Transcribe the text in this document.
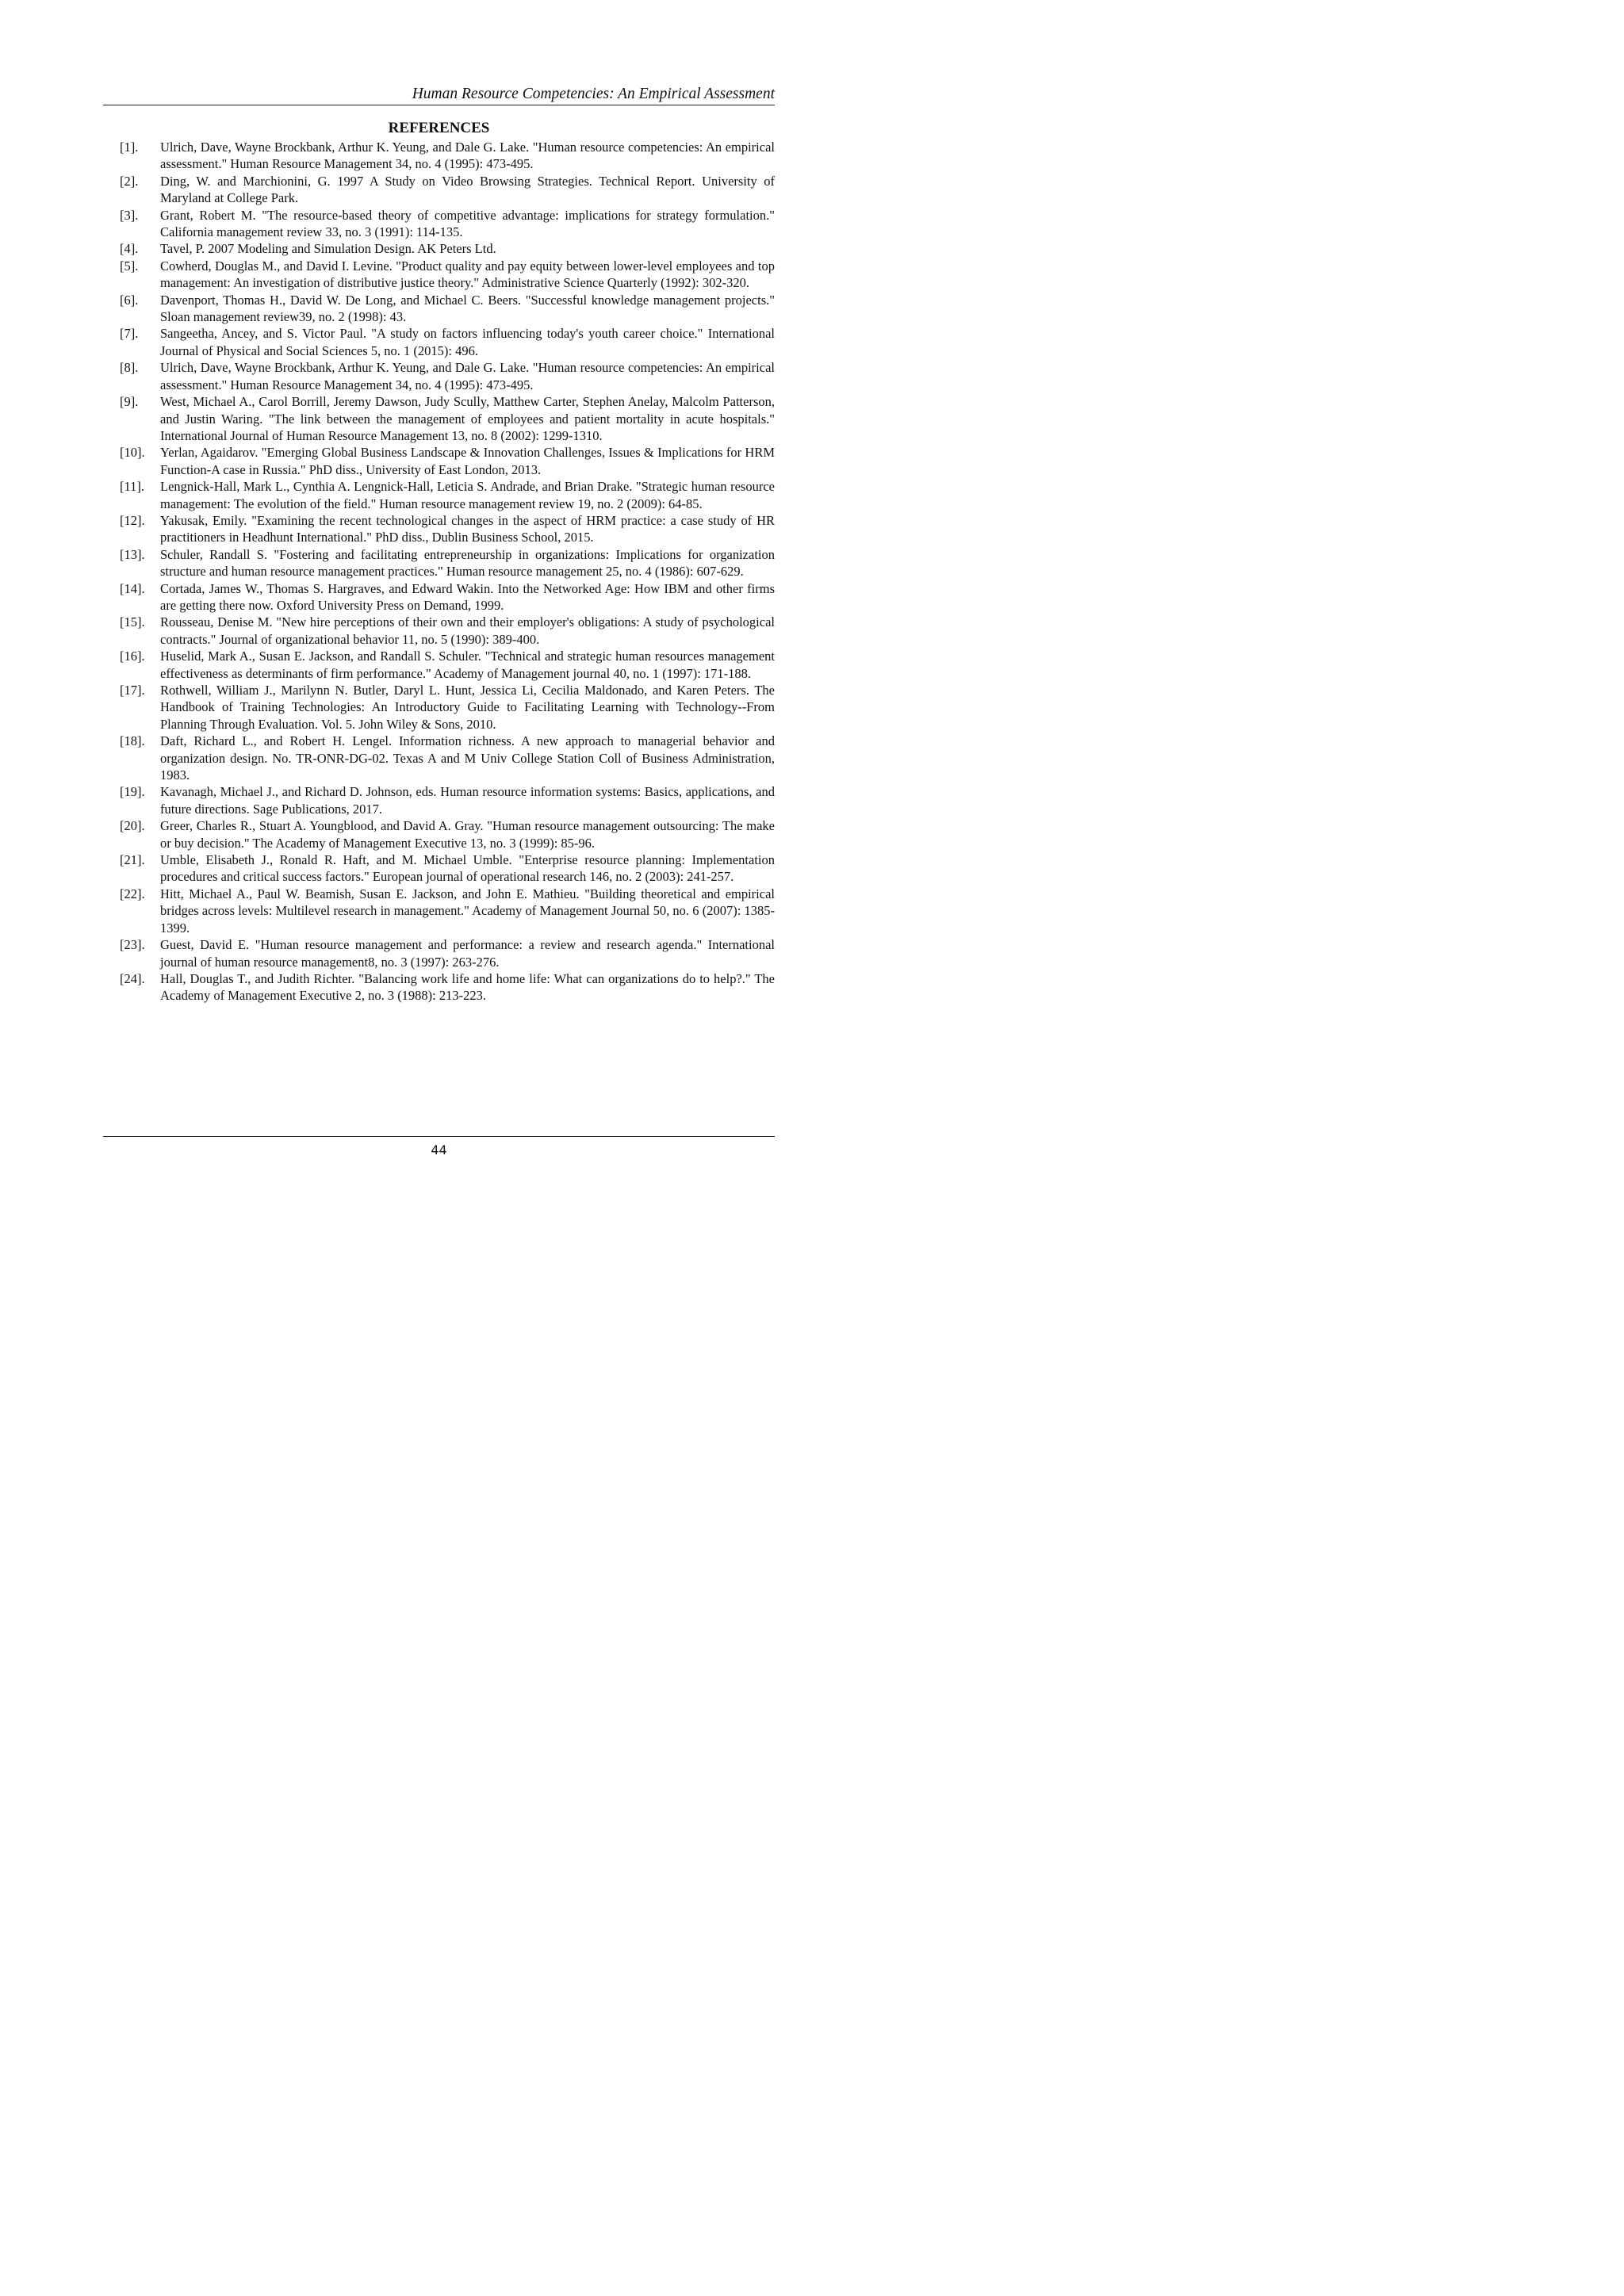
Human Resource Competencies: An Empirical Assessment
REFERENCES
[1].	Ulrich, Dave, Wayne Brockbank, Arthur K. Yeung, and Dale G. Lake. "Human resource competencies: An empirical assessment." Human Resource Management 34, no. 4 (1995): 473-495.
[2].	Ding, W. and Marchionini, G. 1997 A Study on Video Browsing Strategies. Technical Report. University of Maryland at College Park.
[3].	Grant, Robert M. "The resource-based theory of competitive advantage: implications for strategy formulation." California management review 33, no. 3 (1991): 114-135.
[4].	Tavel, P. 2007 Modeling and Simulation Design. AK Peters Ltd.
[5].	Cowherd, Douglas M., and David I. Levine. "Product quality and pay equity between lower-level employees and top management: An investigation of distributive justice theory." Administrative Science Quarterly (1992): 302-320.
[6].	Davenport, Thomas H., David W. De Long, and Michael C. Beers. "Successful knowledge management projects." Sloan management review39, no. 2 (1998): 43.
[7].	Sangeetha, Ancey, and S. Victor Paul. "A study on factors influencing today's youth career choice." International Journal of Physical and Social Sciences 5, no. 1 (2015): 496.
[8].	Ulrich, Dave, Wayne Brockbank, Arthur K. Yeung, and Dale G. Lake. "Human resource competencies: An empirical assessment." Human Resource Management 34, no. 4 (1995): 473-495.
[9].	West, Michael A., Carol Borrill, Jeremy Dawson, Judy Scully, Matthew Carter, Stephen Anelay, Malcolm Patterson, and Justin Waring. "The link between the management of employees and patient mortality in acute hospitals." International Journal of Human Resource Management 13, no. 8 (2002): 1299-1310.
[10].	Yerlan, Agaidarov. "Emerging Global Business Landscape & Innovation Challenges, Issues & Implications for HRM Function-A case in Russia." PhD diss., University of East London, 2013.
[11].	Lengnick-Hall, Mark L., Cynthia A. Lengnick-Hall, Leticia S. Andrade, and Brian Drake. "Strategic human resource management: The evolution of the field." Human resource management review 19, no. 2 (2009): 64-85.
[12].	Yakusak, Emily. "Examining the recent technological changes in the aspect of HRM practice: a case study of HR practitioners in Headhunt International." PhD diss., Dublin Business School, 2015.
[13].	Schuler, Randall S. "Fostering and facilitating entrepreneurship in organizations: Implications for organization structure and human resource management practices." Human resource management 25, no. 4 (1986): 607-629.
[14].	Cortada, James W., Thomas S. Hargraves, and Edward Wakin. Into the Networked Age: How IBM and other firms are getting there now. Oxford University Press on Demand, 1999.
[15].	Rousseau, Denise M. "New hire perceptions of their own and their employer's obligations: A study of psychological contracts." Journal of organizational behavior 11, no. 5 (1990): 389-400.
[16].	Huselid, Mark A., Susan E. Jackson, and Randall S. Schuler. "Technical and strategic human resources management effectiveness as determinants of firm performance." Academy of Management journal 40, no. 1 (1997): 171-188.
[17].	Rothwell, William J., Marilynn N. Butler, Daryl L. Hunt, Jessica Li, Cecilia Maldonado, and Karen Peters. The Handbook of Training Technologies: An Introductory Guide to Facilitating Learning with Technology--From Planning Through Evaluation. Vol. 5. John Wiley & Sons, 2010.
[18].	Daft, Richard L., and Robert H. Lengel. Information richness. A new approach to managerial behavior and organization design. No. TR-ONR-DG-02. Texas A and M Univ College Station Coll of Business Administration, 1983.
[19].	Kavanagh, Michael J., and Richard D. Johnson, eds. Human resource information systems: Basics, applications, and future directions. Sage Publications, 2017.
[20].	Greer, Charles R., Stuart A. Youngblood, and David A. Gray. "Human resource management outsourcing: The make or buy decision." The Academy of Management Executive 13, no. 3 (1999): 85-96.
[21].	Umble, Elisabeth J., Ronald R. Haft, and M. Michael Umble. "Enterprise resource planning: Implementation procedures and critical success factors." European journal of operational research 146, no. 2 (2003): 241-257.
[22].	Hitt, Michael A., Paul W. Beamish, Susan E. Jackson, and John E. Mathieu. "Building theoretical and empirical bridges across levels: Multilevel research in management." Academy of Management Journal 50, no. 6 (2007): 1385-1399.
[23].	Guest, David E. "Human resource management and performance: a review and research agenda." International journal of human resource management8, no. 3 (1997): 263-276.
[24].	Hall, Douglas T., and Judith Richter. "Balancing work life and home life: What can organizations do to help?." The Academy of Management Executive 2, no. 3 (1988): 213-223.
44
